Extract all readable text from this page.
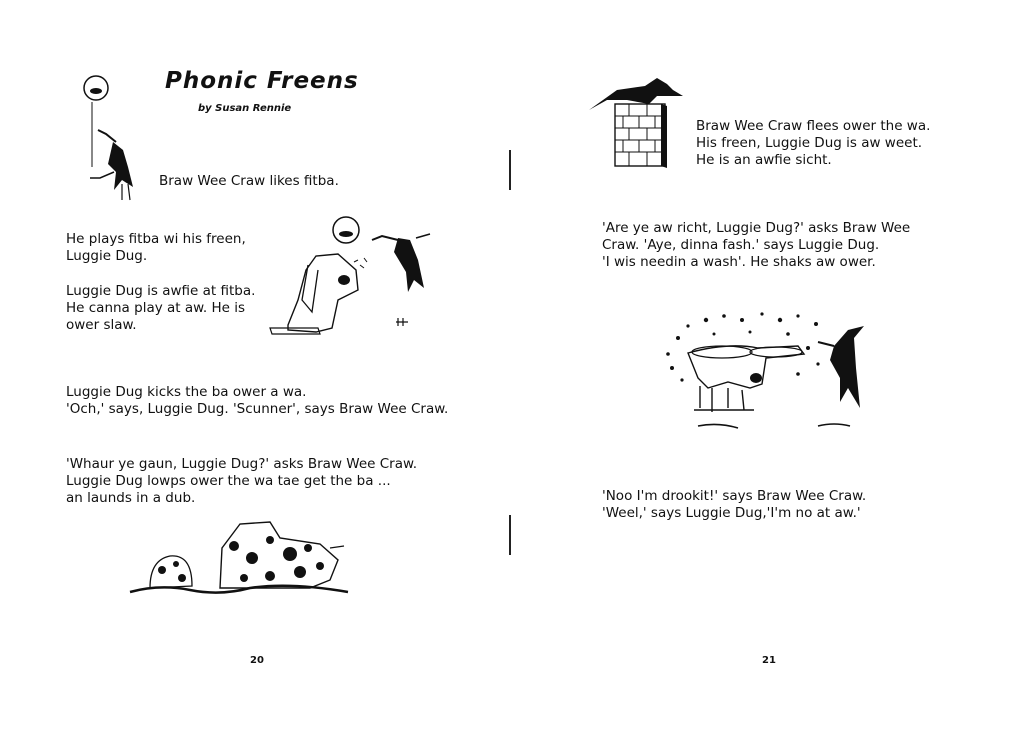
Phonic Freens
by Susan Rennie
Braw Wee Craw likes fitba.
He plays fitba wi his freen,
Luggie Dug.
Luggie Dug is awfie at fitba.
He canna play at aw. He is
ower slaw.
Luggie Dug kicks the ba ower a wa.
'Och,' says, Luggie Dug. 'Scunner', says Braw Wee Craw.
'Whaur ye gaun, Luggie Dug?' asks Braw Wee Craw.
Luggie Dug lowps ower the wa tae get the ba ...
an launds in a dub.
20
Braw Wee Craw flees ower the wa.
His freen, Luggie Dug is aw weet.
He is an awfie sicht.
'Are ye aw richt, Luggie Dug?' asks Braw Wee
Craw. 'Aye, dinna fash.' says Luggie Dug.
'I wis needin a wash'. He shaks aw ower.
'Noo I'm drookit!' says Braw Wee Craw.
'Weel,' says Luggie Dug,'I'm no at aw.'
21
